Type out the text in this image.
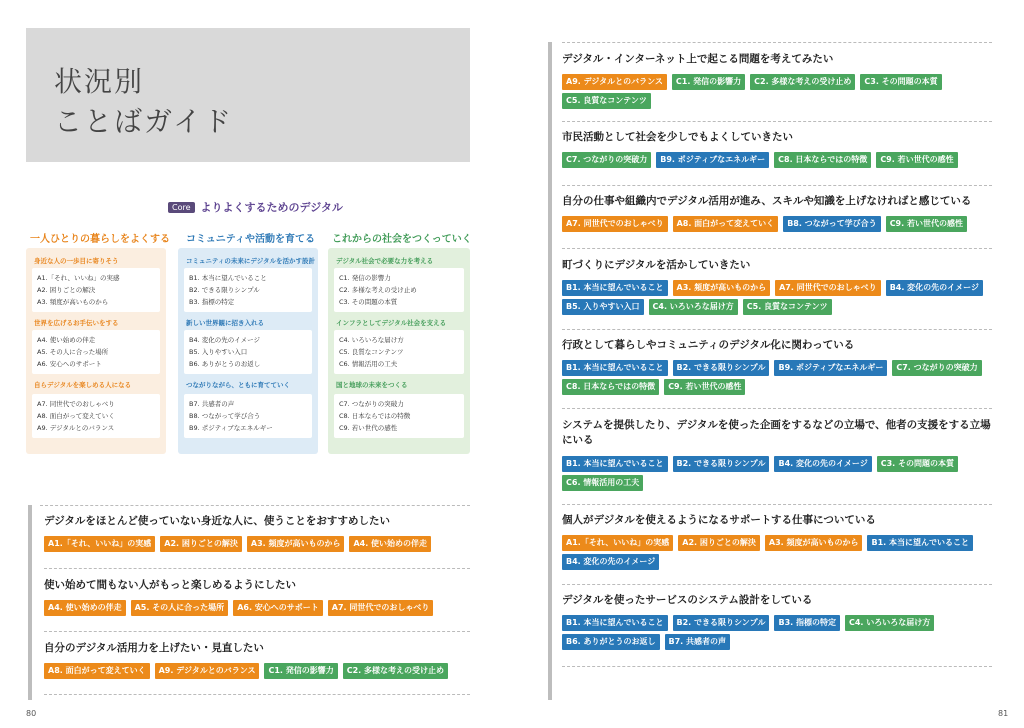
状況別
ことばガイド
Core よりよくするためのデジタル
一人ひとりの暮らしをよくする コミュニティや活動を育てる これからの社会をつくっていく
身近な人の一歩目に寄りそう
A1.「それ、いいね」の実感
A2. 困りごとの解決
A3. 頻度が高いものから
世界を広げるお手伝いをする
A4. 使い始めの伴走
A5. その人に合った場所
A6. 安心へのサポート
自らデジタルを楽しめる人になる
A7. 同世代でのおしゃべり
A8. 面白がって変えていく
A9. デジタルとのバランス
コミュニティの未来にデジタルを活かす設計
B1. 本当に望んでいること
B2. できる限りシンプル
B3. 指標の特定
新しい世界観に招き入れる
B4. 変化の先のイメージ
B5. 入りやすい入口
B6. ありがとうのお返し
つながりながら、ともに育てていく
B7. 共感者の声
B8. つながって学び合う
B9. ポジティブなエネルギー
デジタル社会で必要な力を考える
C1. 発信の影響力
C2. 多様な考えの受け止め
C3. その問題の本質
インフラとしてデジタル社会を支える
C4. いろいろな届け方
C5. 良質なコンテンツ
C6. 情報活用の工夫
国と地球の未来をつくる
C7. つながりの突破力
C8. 日本ならではの特徴
C9. 若い世代の感性
デジタルをほとんど使っていない身近な人に、使うことをおすすめしたい
A1.「それ、いいね」の実感	A2. 困りごとの解決	A3. 頻度が高いものから	A4. 使い始めの伴走
使い始めて間もない人がもっと楽しめるようにしたい
A4. 使い始めの伴走	A5. その人に合った場所	A6. 安心へのサポート	A7. 同世代でのおしゃべり
自分のデジタル活用力を上げたい・見直したい
A8. 面白がって変えていく	A9. デジタルとのバランス	C1. 発信の影響力	C2. 多様な考えの受け止め
80
デジタル・インターネット上で起こる問題を考えてみたい
A9. デジタルとのバランス	C1. 発信の影響力	C2. 多様な考えの受け止め	C3. その問題の本質
C5. 良質なコンテンツ
市民活動として社会を少しでもよくしていきたい
C7. つながりの突破力	B9. ポジティブなエネルギー	C8. 日本ならではの特徴	C9. 若い世代の感性
自分の仕事や組織内でデジタル活用が進み、スキルや知識を上げなければと感じている
A7. 同世代でのおしゃべり	A8. 面白がって変えていく	B8. つながって学び合う	C9. 若い世代の感性
町づくりにデジタルを活かしていきたい
B1. 本当に望んでいること	A3. 頻度が高いものから	A7. 同世代でのおしゃべり	B4. 変化の先のイメージ
B5. 入りやすい入口	C4. いろいろな届け方	C5. 良質なコンテンツ
行政として暮らしやコミュニティのデジタル化に関わっている
B1. 本当に望んでいること	B2. できる限りシンプル	B9. ポジティブなエネルギー	C7. つながりの突破力
C8. 日本ならではの特徴	C9. 若い世代の感性
システムを提供したり、デジタルを使った企画をするなどの立場で、他者の支援をする立場にいる
B1. 本当に望んでいること	B2. できる限りシンプル	B4. 変化の先のイメージ	C3. その問題の本質
C6. 情報活用の工夫
個人がデジタルを使えるようになるサポートする仕事についている
A1.「それ、いいね」の実感	A2. 困りごとの解決	A3. 頻度が高いものから	B1. 本当に望んでいること
B4. 変化の先のイメージ
デジタルを使ったサービスのシステム設計をしている
B1. 本当に望んでいること	B2. できる限りシンプル	B3. 指標の特定	C4. いろいろな届け方
B6. ありがとうのお返し	B7. 共感者の声
81
